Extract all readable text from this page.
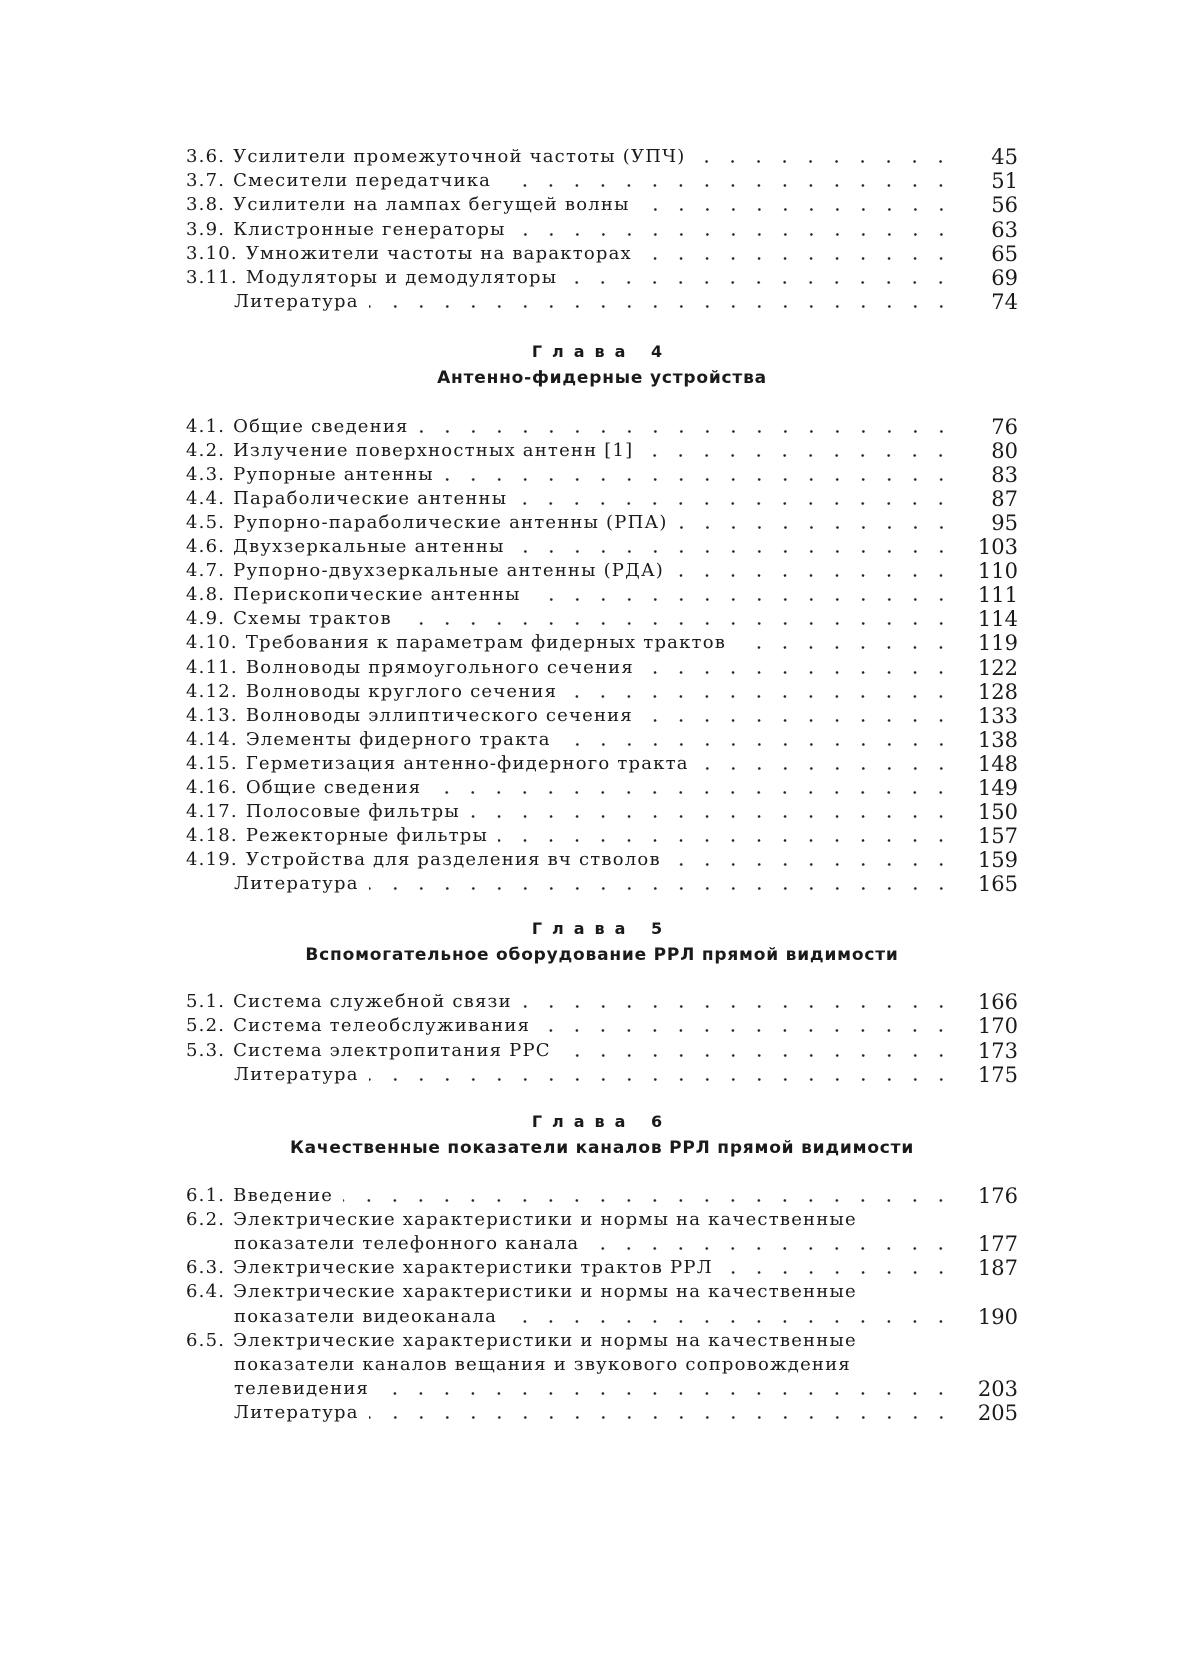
3.6. Усилители промежуточной частоты (УПЧ)	45
3.7. Смесители передатчика	51
3.8. Усилители на лампах бегущей волны	56
3.9. Клистронные генераторы	63
3.10. Умножители частоты на варакторах	65
3.11. Модуляторы и демодуляторы	69
Литература	74
Глава 4
Антенно-фидерные устройства
4.1. Общие сведения	76
4.2. Излучение поверхностных антенн [1]	80
4.3. Рупорные антенны	83
4.4. Параболические антенны	87
4.5. Рупорно-параболические антенны (РПА)	95
4.6. Двухзеркальные антенны	103
4.7. Рупорно-двухзеркальные антенны (РДА)	110
4.8. Перископические антенны	111
4.9. Схемы трактов	114
4.10. Требования к параметрам фидерных трактов	119
4.11. Волноводы прямоугольного сечения	122
4.12. Волноводы круглого сечения	128
4.13. Волноводы эллиптического сечения	133
4.14. Элементы фидерного тракта	138
4.15. Герметизация антенно-фидерного тракта	148
4.16. Общие сведения	149
4.17. Полосовые фильтры	150
4.18. Режекторные фильтры	157
4.19. Устройства для разделения вч стволов	159
Литература	165
Глава 5
Вспомогательное оборудование РРЛ прямой видимости
5.1. Система служебной связи	166
5.2. Система телеобслуживания	170
5.3. Система электропитания РРС	173
Литература	175
Глава 6
Качественные показатели каналов РРЛ прямой видимости
6.1. Введение	176
6.2. Электрические характеристики и нормы на качественные
показатели телефонного канала	177
6.3. Электрические характеристики трактов РРЛ	187
6.4. Электрические характеристики и нормы на качественные
показатели видеоканала	190
6.5. Электрические характеристики и нормы на качественные
показатели каналов вещания и звукового сопровождения
телевидения	203
Литература	205
